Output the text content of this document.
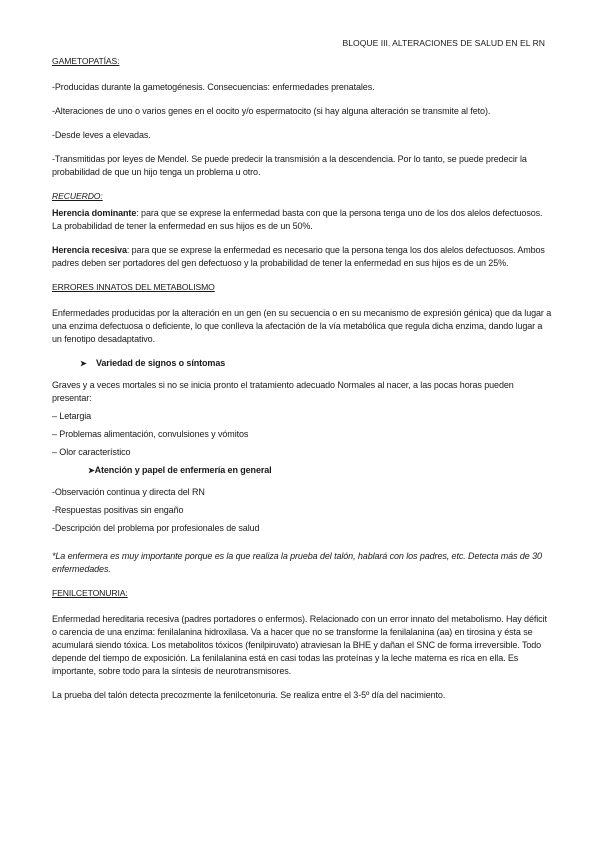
BLOQUE III. ALTERACIONES DE SALUD EN EL RN
GAMETOPATÍAS:

-Producidas durante la gametogénesis. Consecuencias: enfermedades prenatales.

-Alteraciones de uno o varios genes en el oocito y/o espermatocito (si hay alguna alteración se transmite al feto).

-Desde leves a elevadas.

-Transmitidas por leyes de Mendel. Se puede predecir la transmisión a la descendencia. Por lo tanto, se puede predecir la probabilidad de que un hijo tenga un problema u otro.

RECUERDO:

Herencia dominante: para que se exprese la enfermedad basta con que la persona tenga uno de los dos alelos defectuosos. La probabilidad de tener la enfermedad en sus hijos es de un 50%.

Herencia recesiva: para que se exprese la enfermedad es necesario que la persona tenga los dos alelos defectuosos. Ambos padres deben ser portadores del gen defectuoso y la probabilidad de tener la enfermedad en sus hijos es de un 25%.

ERRORES INNATOS DEL METABOLISMO

Enfermedades producidas por la alteración en un gen (en su secuencia o en su mecanismo de expresión génica) que da lugar a una enzima defectuosa o deficiente, lo que conlleva la afectación de la vía metabólica que regula dicha enzima, dando lugar a un fenotipo desadaptativo.

➤ Variedad de signos o síntomas

Graves y a veces mortales si no se inicia pronto el tratamiento adecuado Normales al nacer, a las pocas horas pueden presentar:

– Letargia

– Problemas alimentación, convulsiones y vómitos

– Olor característico

➤Atención y papel de enfermería en general

-Observación continua y directa del RN

-Respuestas positivas sin engaño

-Descripción del problema por profesionales de salud

*La enfermera es muy importante porque es la que realiza la prueba del talón, hablará con los padres, etc. Detecta más de 30 enfermedades.

FENILCETONURIA:

Enfermedad hereditaria recesiva (padres portadores o enfermos). Relacionado con un error innato del metabolismo. Hay déficit o carencia de una enzima: fenilalanina hidroxilasa. Va a hacer que no se transforme la fenilalanina (aa) en tirosina y ésta se acumulará siendo tóxica. Los metabolitos tóxicos (fenilpiruvato) atraviesan la BHE y dañan el SNC de forma irreversible. Todo depende del tiempo de exposición. La fenilalanina está en casi todas las proteínas y la leche materna es rica en ella. Es importante, sobre todo para la síntesis de neurotransmisores.

La prueba del talón detecta precozmente la fenilcetonuria. Se realiza entre el 3-5º día del nacimiento.
